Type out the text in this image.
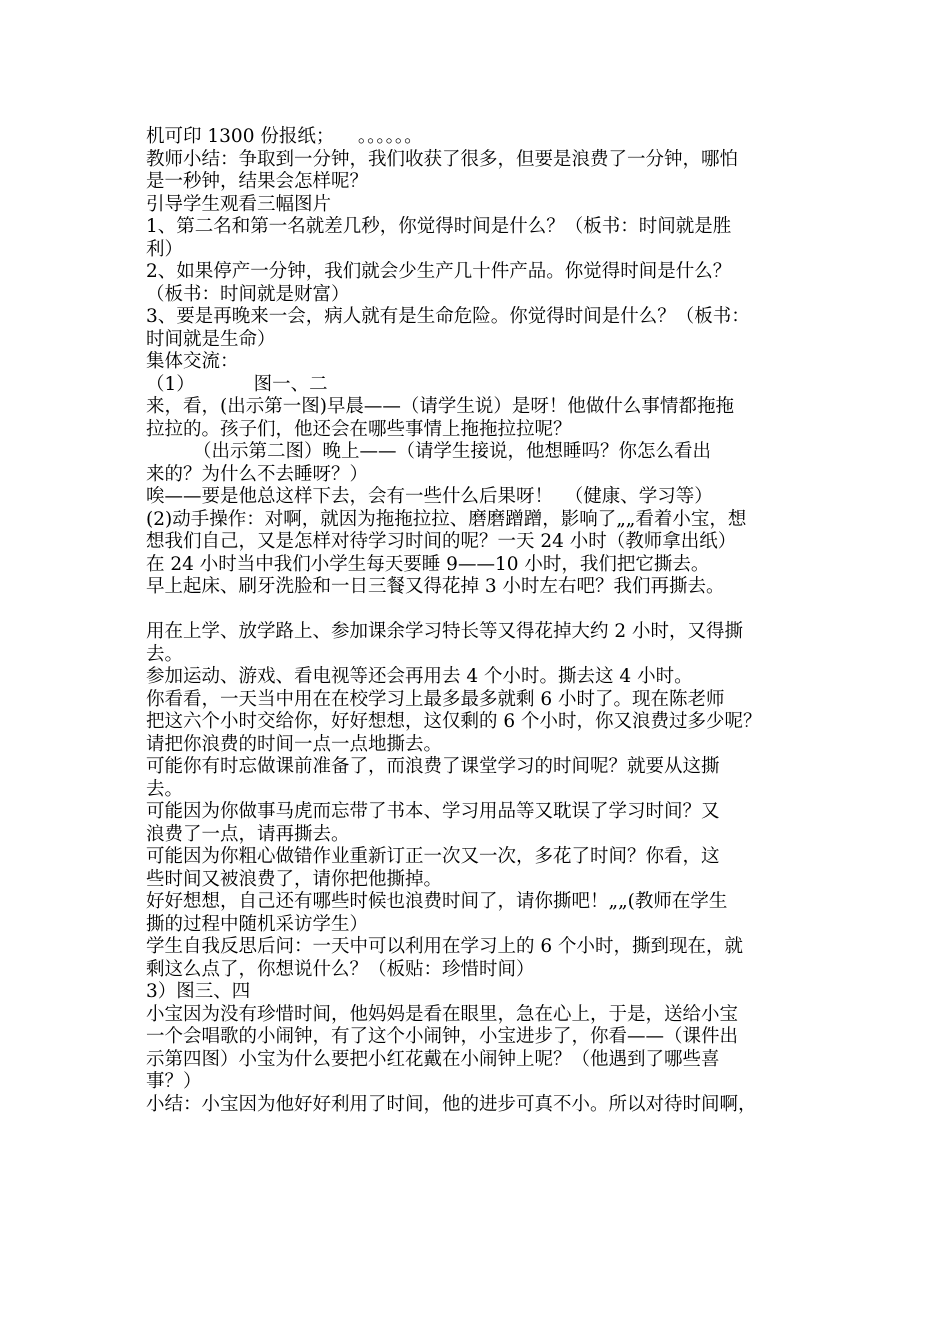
机可印 1300 份报纸；    。。。。。。
教师小结：争取到一分钟，我们收获了很多，但要是浪费了一分钟，哪怕
是一秒钟，结果会怎样呢？
引导学生观看三幅图片
1、第二名和第一名就差几秒，你觉得时间是什么？（板书：时间就是胜
利）
2、如果停产一分钟，我们就会少生产几十件产品。你觉得时间是什么？
（板书：时间就是财富）
3、要是再晚来一会，病人就有是生命危险。你觉得时间是什么？（板书：
时间就是生命）
集体交流：
（1）          图一、二
来，看，(出示第一图)早晨——（请学生说）是呀！他做什么事情都拖拖
拉拉的。孩子们，他还会在哪些事情上拖拖拉拉呢？
（出示第二图）晚上——（请学生接说，他想睡吗？你怎么看出
来的？为什么不去睡呀？）
唉——要是他总这样下去，会有一些什么后果呀！  （健康、学习等）
(2)动手操作：对啊，就因为拖拖拉拉、磨磨蹭蹭，影响了„„看着小宝，想
想我们自己，又是怎样对待学习时间的呢？一天 24 小时（教师拿出纸）
在 24 小时当中我们小学生每天要睡 9——10 小时，我们把它撕去。
早上起床、刷牙洗脸和一日三餐又得花掉 3 小时左右吧？我们再撕去。
用在上学、放学路上、参加课余学习特长等又得花掉大约 2 小时，又得撕
去。
参加运动、游戏、看电视等还会再用去 4 个小时。撕去这 4 小时。
你看看，一天当中用在在校学习上最多最多就剩 6 小时了。现在陈老师
把这六个小时交给你，好好想想，这仅剩的 6 个小时，你又浪费过多少呢？
请把你浪费的时间一点一点地撕去。
可能你有时忘做课前准备了，而浪费了课堂学习的时间呢？就要从这撕
去。
可能因为你做事马虎而忘带了书本、学习用品等又耽误了学习时间？又
浪费了一点，请再撕去。
可能因为你粗心做错作业重新订正一次又一次，多花了时间？你看，这
些时间又被浪费了，请你把他撕掉。
好好想想，自己还有哪些时候也浪费时间了，请你撕吧！„„(教师在学生
撕的过程中随机采访学生）
学生自我反思后问：一天中可以利用在学习上的 6 个小时，撕到现在，就
剩这么点了，你想说什么？（板贴：珍惜时间）
3）图三、四
小宝因为没有珍惜时间，他妈妈是看在眼里，急在心上，于是，送给小宝
一个会唱歌的小闹钟，有了这个小闹钟，小宝进步了，你看——（课件出
示第四图）小宝为什么要把小红花戴在小闹钟上呢？（他遇到了哪些喜
事？）
小结：小宝因为他好好利用了时间，他的进步可真不小。所以对待时间啊，
